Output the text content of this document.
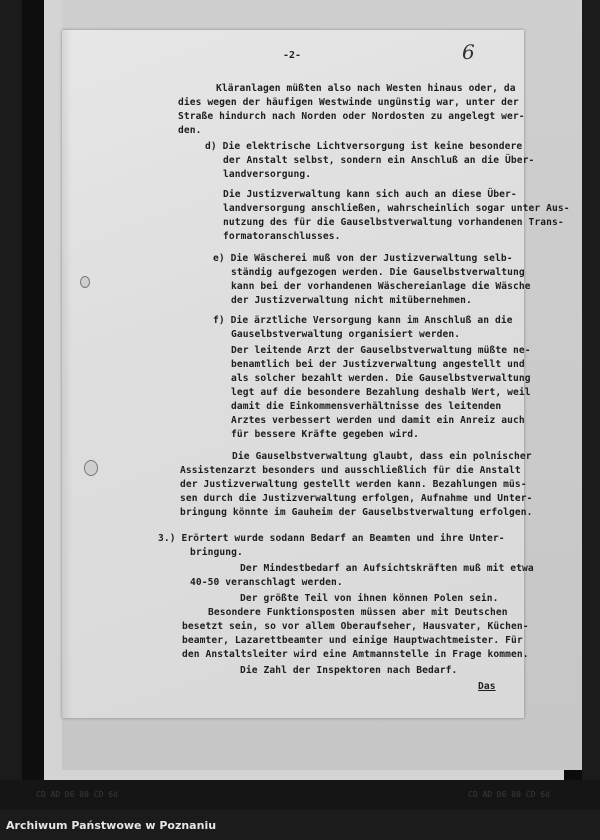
-2-	6
Kläranlagen müßten also nach Westen hinaus oder, da
dies wegen der häufigen Westwinde ungünstig war, unter der
Straße hindurch nach Norden oder Nordosten zu angelegt wer-
den.
d) Die elektrische Lichtversorgung ist keine besondere
der Anstalt selbst, sondern ein Anschluß an die Über-
landversorgung.
Die Justizverwaltung kann sich auch an diese Über-
landversorgung anschließen, wahrscheinlich sogar unter Aus-
nutzung des für die Gauselbstverwaltung vorhandenen Trans-
formatoranschlusses.
e) Die Wäscherei muß von der Justizverwaltung selb-
ständig aufgezogen werden. Die Gauselbstverwaltung
kann bei der vorhandenen Wäschereianlage die Wäsche
der Justizverwaltung nicht mitübernehmen.
f) Die ärztliche Versorgung kann im Anschluß an die
Gauselbstverwaltung organisiert werden.
Der leitende Arzt der Gauselbstverwaltung müßte ne-
benamtlich bei der Justizverwaltung angestellt und
als solcher bezahlt werden. Die Gauselbstverwaltung
legt auf die besondere Bezahlung deshalb Wert, weil
damit die Einkommensverhältnisse des leitenden
Arztes verbessert werden und damit ein Anreiz auch
für bessere Kräfte gegeben wird.
Die Gauselbstverwaltung glaubt, dass ein polnischer
Assistenzarzt besonders und ausschließlich für die Anstalt
der Justizverwaltung gestellt werden kann. Bezahlungen müs-
sen durch die Justizverwaltung erfolgen, Aufnahme und Unter-
bringung könnte im Gauheim der Gauselbstverwaltung erfolgen.
3.) Erörtert wurde sodann Bedarf an Beamten und ihre Unter-
bringung.
Der Mindestbedarf an Aufsichtskräften muß mit etwa
40-50 veranschlagt werden.
Der größte Teil von ihnen können Polen sein.
Besondere Funktionsposten müssen aber mit Deutschen
besetzt sein, so vor allem Oberaufseher, Hausvater, Küchen-
beamter, Lazarettbeamter und einige Hauptwachtmeister. Für
den Anstaltsleiter wird eine Amtmannstelle in Frage kommen.
Die Zahl der Inspektoren nach Bedarf.
Das
CD AD D6 80 CD 6d	CD AD D6 80 CD 6d
Archiwum Państwowe w Poznaniu
